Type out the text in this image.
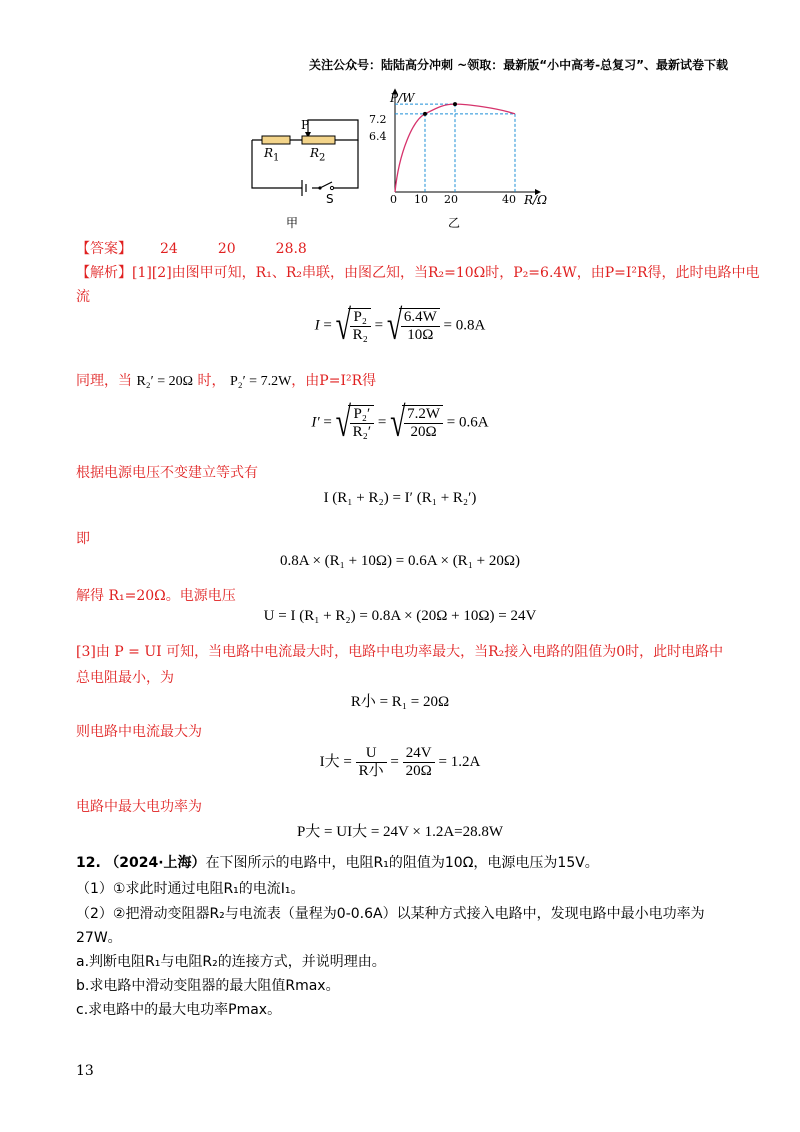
关注公众号：陆陆高分冲刺 ~领取：最新版“小中高考-总复习”、最新试卷下载
P
$R_1$	$R_2$
S
甲
P/W
R/Ω
7.2
6.4
0 10 20	40
乙
【答案】 24	20	28.8
【解析】[1][2]由图甲可知，R₁、R₂串联，由图乙知，当R₂=10Ω时，P₂=6.4W，由P=I²R得，此时电路中电
流
I = √
$\frac{\text{P₂}}{\text{R₂}}$ = √
$\frac{6.4W}{10\Omega} = 0.8A$
同理，当 R₂′ = 20Ω 时， P₂′ = 7.2W，由P=I²R得
I′ = √
$\frac{\text{P₂′}}{\text{R₂′}}$ = √
$\frac{7.2W}{20\Omega} = 0.6A$
根据电源电压不变建立等式有
I (R₁ + R₂) = I′ (R₁ + R₂′)
即
0.8A × (R₁ + 10Ω) = 0.6A × (R₁ + 20Ω)
解得 R₁=20Ω。电源电压
U = I (R₁ + R₂) = 0.8A × (20Ω + 10Ω) = 24V
[3]由 P = UI 可知，当电路中电流最大时，电路中电功率最大，当R₂接入电路的阻值为0时，此时电路中
总电阻最小，为
R小 = R₁ = 20Ω
则电路中电流最大为
I大 = $\frac{U}{\text{R小}} = \frac{24V}{20\Omega} = 1.2A$
电路中最大电功率为
P大 = UI大 = 24V × 1.2A=28.8W
12. （2024·上海）在下图所示的电路中，电阻R₁的阻值为10Ω，电源电压为15V。
（1）①求此时通过电阻R₁的电流I₁。
（2）②把滑动变阻器R₂与电流表（量程为0-0.6A）以某种方式接入电路中，发现电路中最小电功率为
27W。
a.判断电阻R₁与电阻R₂的连接方式，并说明理由。
b.求电路中滑动变阻器的最大阻值Rmax。
c.求电路中的最大电功率Pmax。
13
